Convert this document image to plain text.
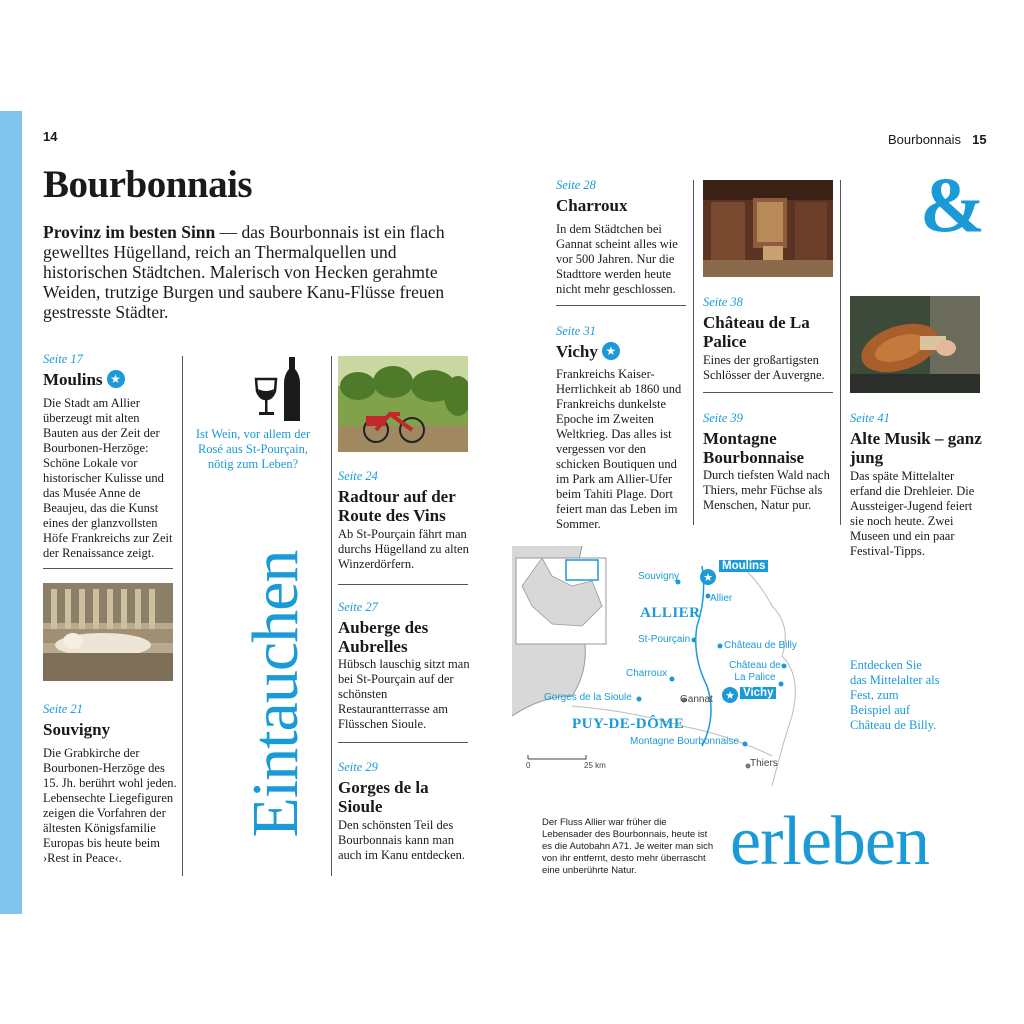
14
Bourbonnais
Provinz im besten Sinn — das Bourbonnais ist ein flach gewelltes Hügelland, reich an Thermalquellen und historischen Städtchen. Malerisch von Hecken gerahmte Weiden, trutzige Burgen und saubere Kanu-Flüsse freuen gestresste Städter.
Seite 17
Moulins ★
Die Stadt am Allier überzeugt mit alten Bauten aus der Zeit der Bourbonen-Herzöge: Schöne Lokale vor historischer Kulisse und das Musée Anne de Beaujeu, das die Kunst eines der glanzvollsten Höfe Frankreichs zur Zeit der Renaissance zeigt.
Seite 21
Souvigny
Die Grabkirche der Bourbonen-Herzöge des 15. Jh. berührt wohl jeden. Lebensechte Liegefiguren zeigen die Vorfahren der ältesten Königsfamilie Europas bis heute beim ›Rest in Peace‹.
Ist Wein, vor allem der Rosé aus St-Pourçain, nötig zum Leben?
Eintauchen
Seite 24
Radtour auf der Route des Vins
Ab St-Pourçain fährt man durchs Hügelland zu alten Winzerdörfern.
Seite 27
Auberge des Aubrelles
Hübsch lauschig sitzt man bei St-Pourçain auf der schönsten Restaurantterrasse am Flüsschen Sioule.
Seite 29
Gorges de la Sioule
Den schönsten Teil des Bourbonnais kann man auch im Kanu entdecken.
Bourbonnais 15
Seite 28
Charroux
In dem Städtchen bei Gannat scheint alles wie vor 500 Jahren. Nur die Stadttore werden heute nicht mehr geschlossen.
Seite 31
Vichy ★
Frankreichs Kaiser-Herrlichkeit ab 1860 und Frankreichs dunkelste Epoche im Zweiten Weltkrieg. Das alles ist vergessen vor den schicken Boutiquen und im Park am Allier-Ufer beim Tahiti Plage. Dort feiert man das Leben im Sommer.
Seite 38
Château de La Palice
Eines der großartigsten Schlösser der Auvergne.
Seite 39
Montagne Bourbonnaise
Durch tiefsten Wald nach Thiers, mehr Füchse als Menschen, Natur pur.
&
Seite 41
Alte Musik – ganz jung
Das späte Mittelalter erfand die Drehleier. Die Aussteiger-Jugend feiert sie noch heute. Zwei Museen und ein paar Festival-Tipps.
Entdecken Sie das Mittelalter als Fest, zum Beispiel auf Château de Billy.
★
★
Moulins
Vichy
Souvigny
Allier
ALLIER
St-Pourçain
Château de Billy
Château de La Palice
Charroux
Gorges de la Sioule	Gannat
PUY-DE-DÔME
Montagne Bourbonnaise
Thiers
0	25 km
Der Fluss Allier war früher die Lebensader des Bourbonnais, heute ist es die Autobahn A71. Je weiter man sich von ihr entfernt, desto mehr überrascht eine unberührte Natur.	erleben
